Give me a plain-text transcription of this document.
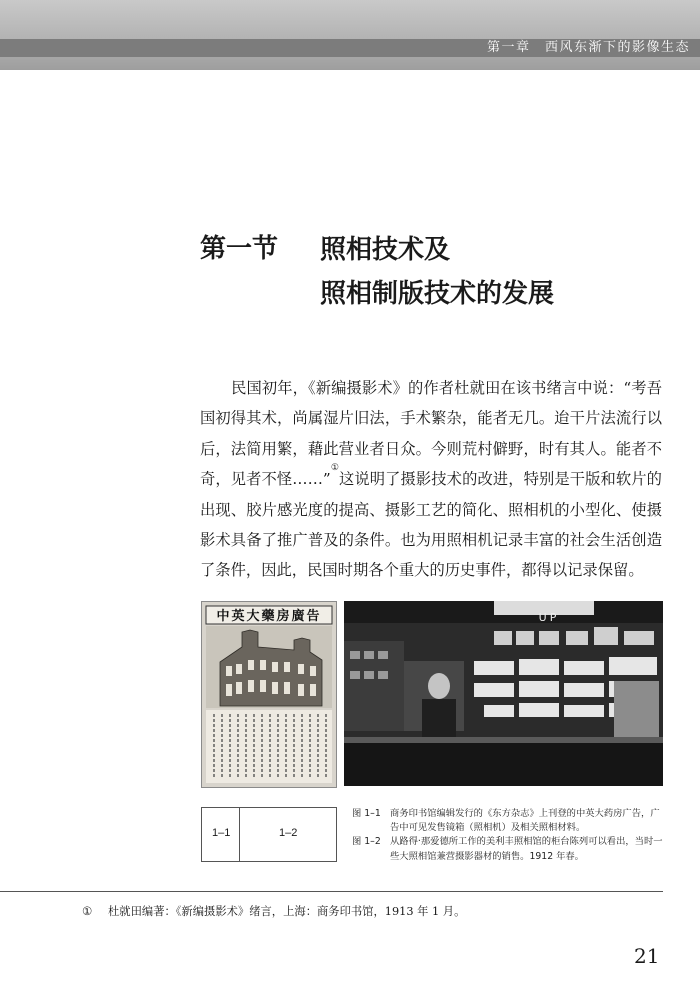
第一章　西风东渐下的影像生态
第一节 照相技术及
照相制版技术的发展
民国初年，《新编摄影术》的作者杜就田在该书绪言中说：“考吾国初得其术，尚属湿片旧法，手术繁杂，能者无几。迨干片法流行以后，法简用繁，藉此营业者日众。今则荒村僻野，时有其人。能者不奇，见者不怪……”①这说明了摄影技术的改进，特别是干版和软片的出现、胶片感光度的提高、摄影工艺的简化、照相机的小型化、使摄影术具备了推广普及的条件。也为用照相机记录丰富的社会生活创造了条件，因此，民国时期各个重大的历史事件，都得以记录保留。
中英大藥房廣告	UP
1–1	1–2
图 1–1 商务印书馆编辑发行的《东方杂志》上刊登的中英大药房广告，广告中可见发售镜箱（照相机）及相关照相材料。
图 1–2 从路得·那爱德所工作的美利丰照相馆的柜台陈列可以看出，当时一些大照相馆兼营摄影器材的销售。1912 年春。
① 杜就田编著：《新编摄影术》绪言，上海：商务印书馆，1913 年 1 月。
21
